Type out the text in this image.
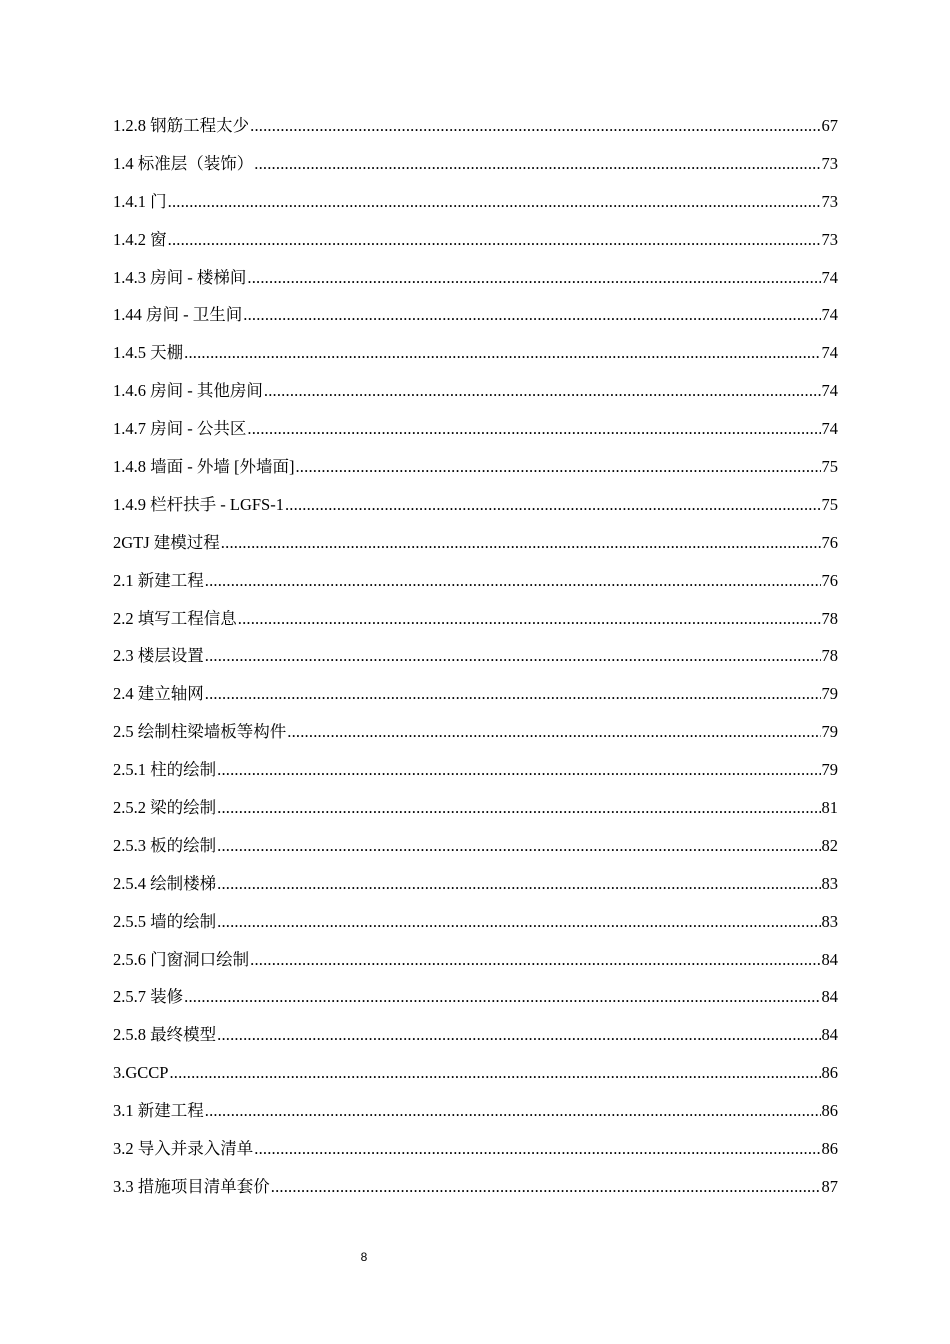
1.2.8 钢筋工程太少 .....	67
1.4 标准层（装饰） .....	73
1.4.1 门 .....	73
1.4.2 窗 .....	73
1.4.3 房间 - 楼梯间 .....	74
1.44 房间 - 卫生间 .....	74
1.4.5 天棚 .....	74
1.4.6 房间 - 其他房间 .....	74
1.4.7 房间 - 公共区 .....	74
1.4.8 墙面 - 外墙 [外墙面] .....	75
1.4.9 栏杆扶手 - LGFS-1 .....	75
2GTJ 建模过程 .....	76
2.1 新建工程 .....	76
2.2 填写工程信息 .....	78
2.3 楼层设置 .....	78
2.4 建立轴网 .....	79
2.5 绘制柱梁墙板等构件 .....	79
2.5.1 柱的绘制 .....	79
2.5.2 梁的绘制 .....	81
2.5.3 板的绘制 .....	82
2.5.4 绘制楼梯 .....	83
2.5.5 墙的绘制 .....	83
2.5.6 门窗洞口绘制 .....	84
2.5.7 装修 .....	84
2.5.8 最终模型 .....	84
3.GCCP .....	86
3.1 新建工程 .....	86
3.2 导入并录入清单 .....	86
3.3 措施项目清单套价 .....	87
8
